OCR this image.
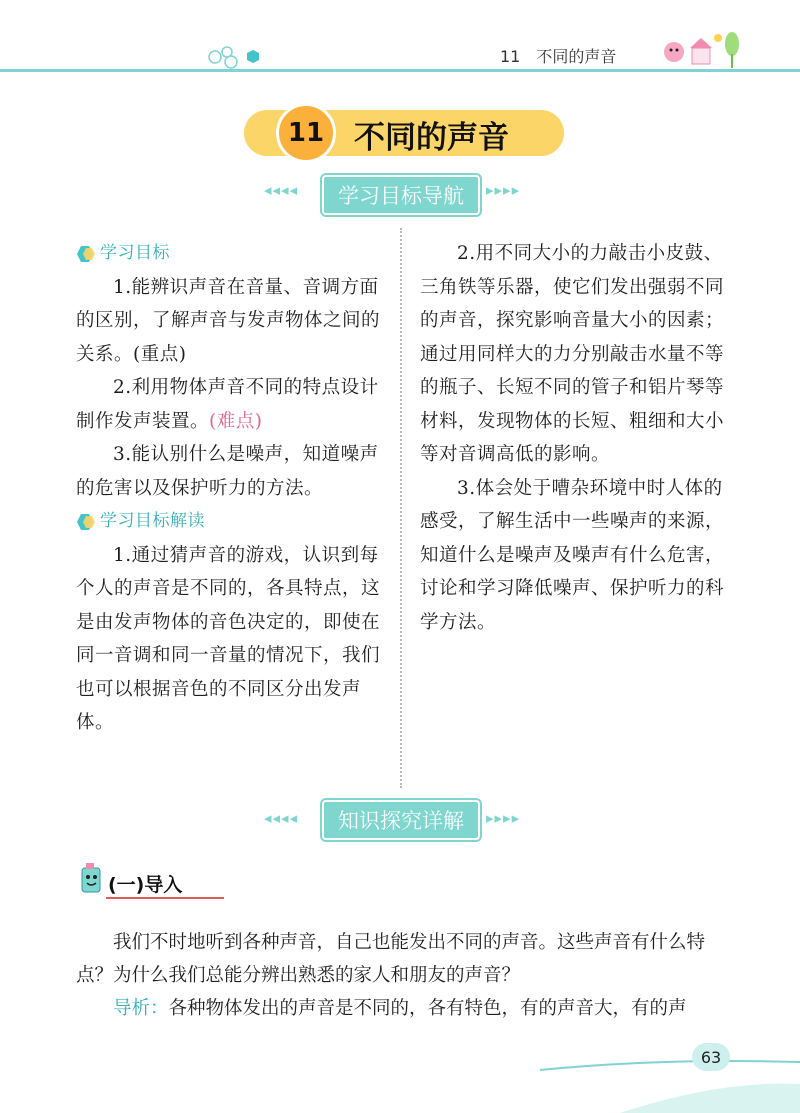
11 不同的声音
11 不同的声音
◂◂◂◂	学习目标导航	▸▸▸▸
学习目标
1.能辨识声音在音量、音调方面的区别，了解声音与发声物体之间的关系。(重点)
2.利用物体声音不同的特点设计制作发声装置。(难点)
3.能认别什么是噪声，知道噪声的危害以及保护听力的方法。
学习目标解读
1.通过猜声音的游戏，认识到每个人的声音是不同的，各具特点，这是由发声物体的音色决定的，即使在同一音调和同一音量的情况下，我们也可以根据音色的不同区分出发声体。
2.用不同大小的力敲击小皮鼓、三角铁等乐器，使它们发出强弱不同的声音，探究影响音量大小的因素；通过用同样大的力分别敲击水量不等的瓶子、长短不同的管子和铝片琴等材料，发现物体的长短、粗细和大小等对音调高低的影响。
3.体会处于嘈杂环境中时人体的感受，了解生活中一些噪声的来源，知道什么是噪声及噪声有什么危害，讨论和学习降低噪声、保护听力的科学方法。
◂◂◂◂	知识探究详解	▸▸▸▸
(一)导入
我们不时地听到各种声音，自己也能发出不同的声音。这些声音有什么特点？为什么我们总能分辨出熟悉的家人和朋友的声音？
导析：各种物体发出的声音是不同的，各有特色，有的声音大，有的声
63
